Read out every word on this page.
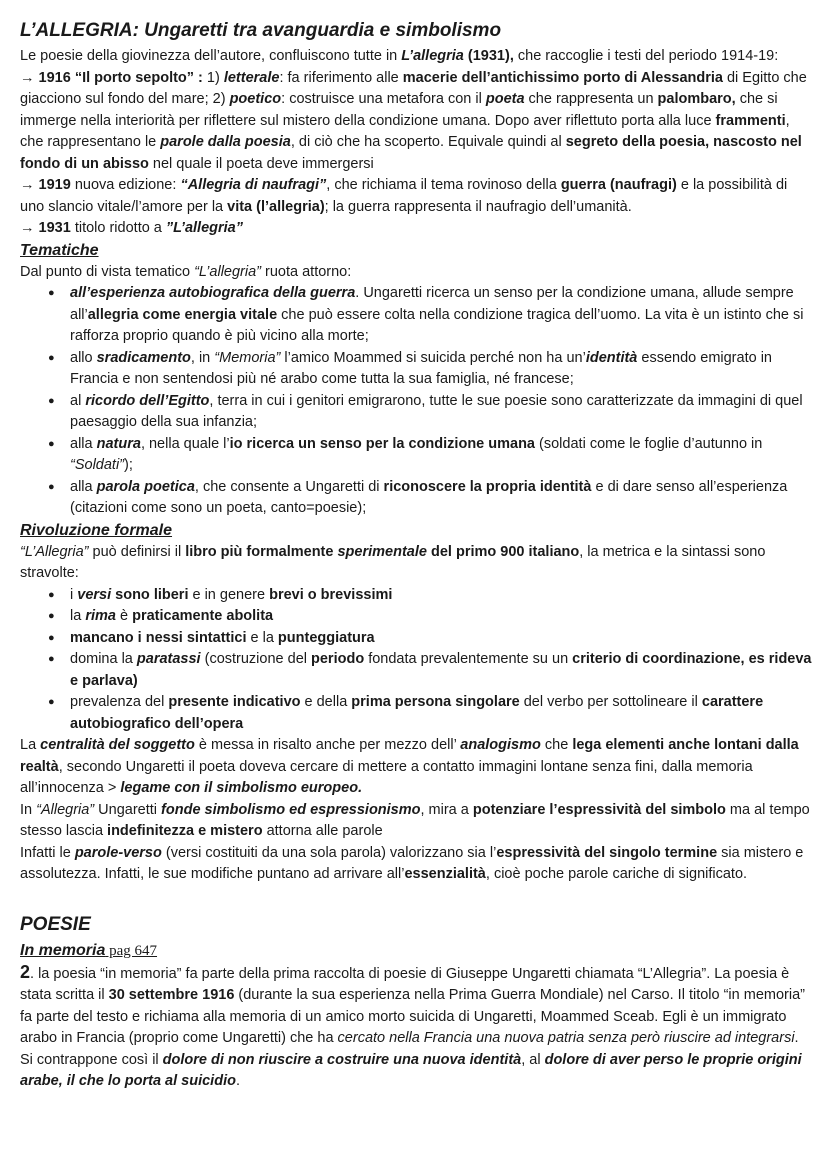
L’ALLEGRIA: Ungaretti tra avanguardia e simbolismo

Le poesie della giovinezza dell’autore, confluiscono tutte in L’allegria (1931), che raccoglie i testi del periodo 1914-19:

→ 1916 “Il porto sepolto” : 1) letterale: fa riferimento alle macerie dell’antichissimo porto di Alessandria di Egitto che giacciono sul fondo del mare; 2) poetico: costruisce una metafora con il poeta che rappresenta un palombaro, che si immerge nella interiorità per riflettere sul mistero della condizione umana. Dopo aver riflettuto porta alla luce frammenti, che rappresentano le parole dalla poesia, di ciò che ha scoperto. Equivale quindi al segreto della poesia, nascosto nel fondo di un abisso nel quale il poeta deve immergersi

→ 1919 nuova edizione: “Allegria di naufragi”, che richiama il tema rovinoso della guerra (naufragi) e la possibilità di uno slancio vitale/l’amore per la vita (l’allegria); la guerra rappresenta il naufragio dell’umanità.

→ 1931 titolo ridotto a ”L’allegria”

Tematiche

Dal punto di vista tematico “L’allegria” ruota attorno:

● all’esperienza autobiografica della guerra. Ungaretti ricerca un senso per la condizione umana, allude sempre all’allegria come energia vitale che può essere colta nella condizione tragica dell’uomo. La vita è un istinto che si rafforza proprio quando è più vicino alla morte;
● allo sradicamento, in “Memoria” l’amico Moammed si suicida perché non ha un’identità essendo emigrato in Francia e non sentendosi più né arabo come tutta la sua famiglia, né francese;
● al ricordo dell’Egitto, terra in cui i genitori emigrarono, tutte le sue poesie sono caratterizzate da immagini di quel paesaggio della sua infanzia;
● alla natura, nella quale l’io ricerca un senso per la condizione umana (soldati come le foglie d’autunno in “Soldati”);
● alla parola poetica, che consente a Ungaretti di riconoscere la propria identità e di dare senso all’esperienza (citazioni come sono un poeta, canto=poesie);

Rivoluzione formale

“L’Allegria” può definirsi il libro più formalmente sperimentale del primo 900 italiano, la metrica e la sintassi sono stravolte:

● i versi sono liberi e in genere brevi o brevissimi
● la rima è praticamente abolita
● mancano i nessi sintattici e la punteggiatura
● domina la paratassi (costruzione del periodo fondata prevalentemente su un criterio di coordinazione, es rideva e parlava)
● prevalenza del presente indicativo e della prima persona singolare del verbo per sottolineare il carattere autobiografico dell’opera

La centralità del soggetto è messa in risalto anche per mezzo dell’ analogismo che lega elementi anche lontani dalla realtà, secondo Ungaretti il poeta doveva cercare di mettere a contatto immagini lontane senza fini, dalla memoria all’innocenza > legame con il simbolismo europeo.

In “Allegria” Ungaretti fonde simbolismo ed espressionismo, mira a potenziare l’espressività del simbolo ma al tempo stesso lascia indefinitezza e mistero attorna alle parole

Infatti le parole-verso (versi costituiti da una sola parola) valorizzano sia l’espressività del singolo termine sia mistero e assolutezza. Infatti, le sue modifiche puntano ad arrivare all’essenzialità, cioè poche parole cariche di significato.

POESIE

In memoria pag 647

2. la poesia “in memoria” fa parte della prima raccolta di poesie di Giuseppe Ungaretti chiamata “L’Allegria”. La poesia è stata scritta il 30 settembre 1916 (durante la sua esperienza nella Prima Guerra Mondiale) nel Carso. Il titolo “in memoria” fa parte del testo e richiama alla memoria di un amico morto suicida di Ungaretti, Moammed Sceab. Egli è un immigrato arabo in Francia (proprio come Ungaretti) che ha cercato nella Francia una nuova patria senza però riuscire ad integrarsi. Si contrappone così il dolore di non riuscire a costruire una nuova identità, al dolore di aver perso le proprie origini arabe, il che lo porta al suicidio.
